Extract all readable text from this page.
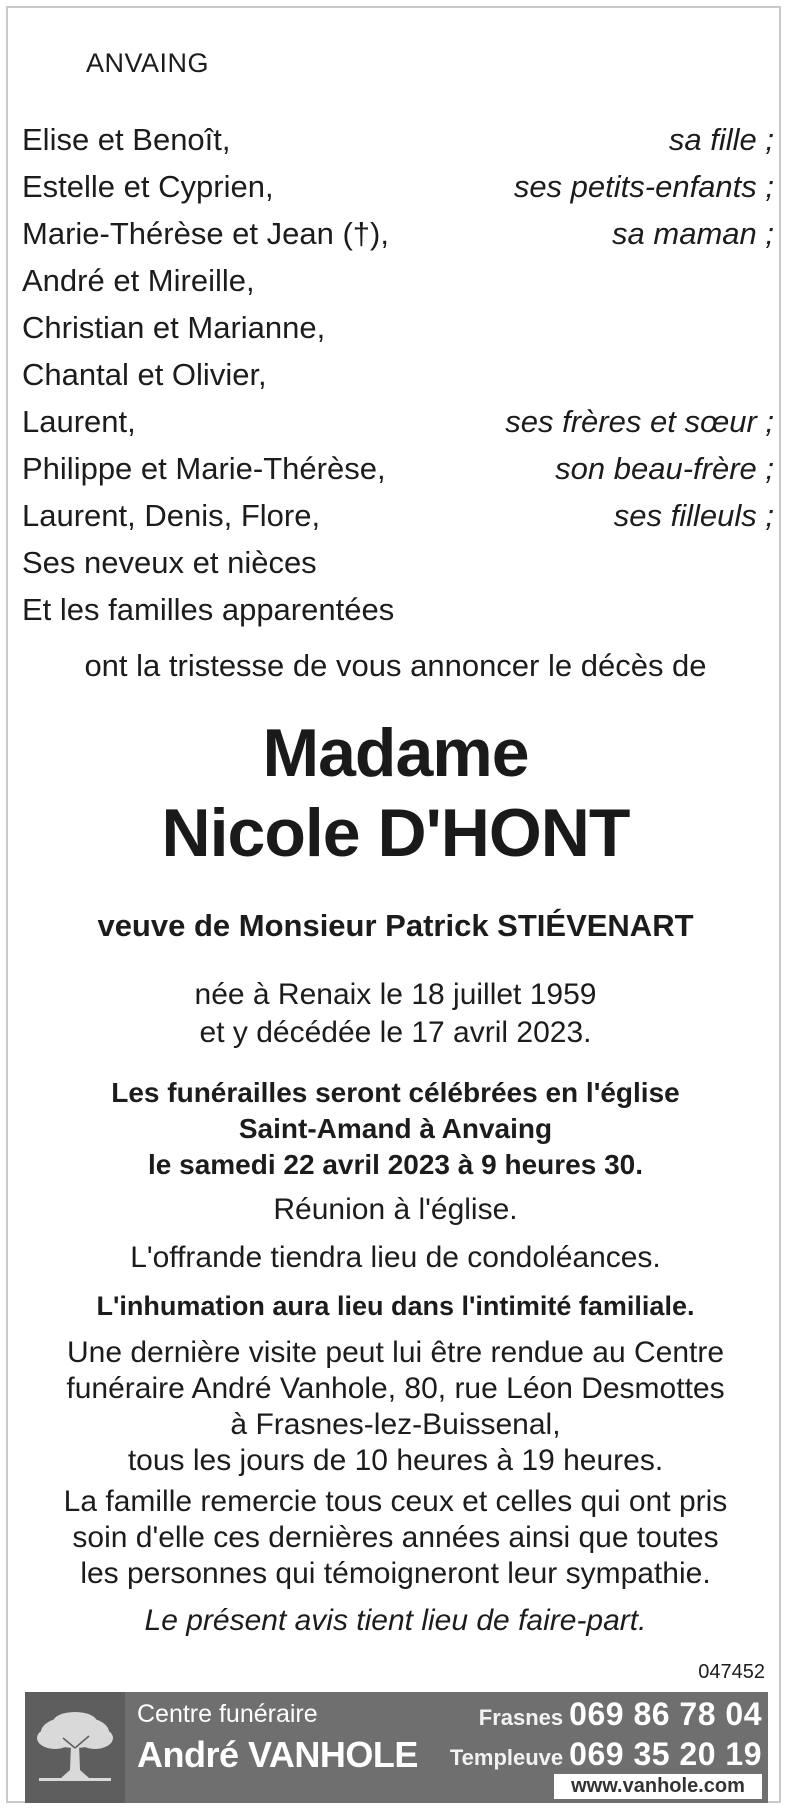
ANVAING
Elise et Benoît,	sa fille ;
Estelle et Cyprien,	ses petits-enfants ;
Marie-Thérèse et Jean (†),	sa maman ;
André et Mireille,
Christian et Marianne,
Chantal et Olivier,
Laurent,	ses frères et sœur ;
Philippe et Marie-Thérèse,	son beau-frère ;
Laurent, Denis, Flore,	ses filleuls ;
Ses neveux et nièces
Et les familles apparentées
ont la tristesse de vous annoncer le décès de
Madame
Nicole D'HONT
veuve de Monsieur Patrick STIÉVENART
née à Renaix le 18 juillet 1959
et y décédée le 17 avril 2023.
Les funérailles seront célébrées en l'église
Saint-Amand à Anvaing
le samedi 22 avril 2023 à 9 heures 30.
Réunion à l'église.
L'offrande tiendra lieu de condoléances.
L'inhumation aura lieu dans l'intimité familiale.
Une dernière visite peut lui être rendue au Centre
funéraire André Vanhole, 80, rue Léon Desmottes
à Frasnes-lez-Buissenal,
tous les jours de 10 heures à 19 heures.
La famille remercie tous ceux et celles qui ont pris
soin d'elle ces dernières années ainsi que toutes
les personnes qui témoigneront leur sympathie.
Le présent avis tient lieu de faire-part.
047452
Centre funéraire
André VANHOLE
Frasnes 069 86 78 04
Templeuve 069 35 20 19
www.vanhole.com
